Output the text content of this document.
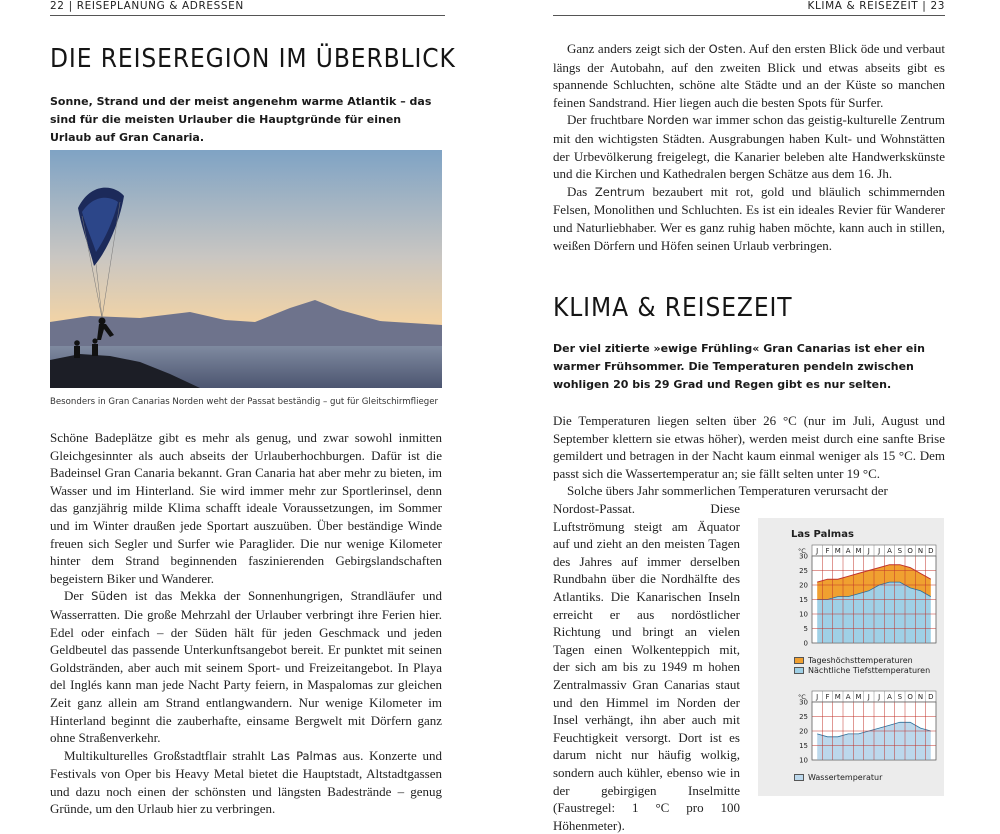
22 | REISEPLANUNG & ADRESSEN
DIE REISEREGION IM ÜBERBLICK
Sonne, Strand und der meist angenehm warme Atlantik – das sind für die meisten Urlauber die Hauptgründe für einen Urlaub auf Gran Canaria.
Besonders in Gran Canarias Norden weht der Passat beständig – gut für Gleitschirmflieger

Schöne Badeplätze gibt es mehr als genug, und zwar sowohl inmitten Gleichgesinnter als auch abseits der Urlauberhochburgen. Dafür ist die Badeinsel Gran Canaria bekannt. Gran Canaria hat aber mehr zu bieten, im Wasser und im Hinterland. Sie wird immer mehr zur Sportlerinsel, denn das ganzjährig milde Klima schafft ideale Voraussetzungen, im Sommer und im Winter draußen jede Sportart auszuüben. Über beständige Winde freuen sich Segler und Surfer wie Paraglider. Die nur wenige Kilometer hinter dem Strand beginnenden faszinierenden Gebirgslandschaften begeistern Biker und Wanderer.

Der Süden ist das Mekka der Sonnenhungrigen, Strandläufer und Wasserratten. Die große Mehrzahl der Urlauber verbringt ihre Ferien hier. Edel oder einfach – der Süden hält für jeden Geschmack und jeden Geldbeutel das passende Unterkunftsangebot bereit. Er punktet mit seinen Goldstränden, aber auch mit seinem Sport- und Freizeitangebot. In Playa del Inglés kann man jede Nacht Party feiern, in Maspalomas zur gleichen Zeit ganz allein am Strand entlangwandern. Nur wenige Kilometer im Hinterland beginnt die zauberhafte, einsame Bergwelt mit Dörfern ganz ohne Straßenverkehr.

Multikulturelles Großstadtflair strahlt Las Palmas aus. Konzerte und Festivals von Oper bis Heavy Metal bietet die Hauptstadt, Altstadtgassen und dazu noch einen der schönsten und längsten Badestrände – genug Gründe, um den Urlaub hier zu verbringen.

KLIMA & REISEZEIT | 23

Ganz anders zeigt sich der Osten. Auf den ersten Blick öde und verbaut längs der Autobahn, auf den zweiten Blick und etwas abseits gibt es spannende Schluchten, schöne alte Städte und an der Küste so manchen feinen Sandstrand. Hier liegen auch die besten Spots für Surfer.

Der fruchtbare Norden war immer schon das geistig-kulturelle Zentrum mit den wichtigsten Städten. Ausgrabungen haben Kult- und Wohnstätten der Urbevölkerung freigelegt, die Kanarier beleben alte Handwerkskünste und die Kirchen und Kathedralen bergen Schätze aus dem 16. Jh.

Das Zentrum bezaubert mit rot, gold und bläulich schimmernden Felsen, Monolithen und Schluchten. Es ist ein ideales Revier für Wanderer und Naturliebhaber. Wer es ganz ruhig haben möchte, kann auch in stillen, weißen Dörfern und Höfen seinen Urlaub verbringen.

KLIMA & REISEZEIT
Der viel zitierte »ewige Frühling« Gran Canarias ist eher ein warmer Frühsommer. Die Temperaturen pendeln zwischen wohligen 20 bis 29 Grad und Regen gibt es nur selten.

Die Temperaturen liegen selten über 26 °C (nur im Juli, August und September klettern sie etwas höher), werden meist durch eine sanfte Brise gemildert und betragen in der Nacht kaum einmal weniger als 15 °C. Dem passt sich die Wassertemperatur an; sie fällt selten unter 19 °C.

Solche übers Jahr sommerlichen Temperaturen verursacht der

Nordost-Passat. Diese Luftströmung steigt am Äquator auf und zieht an den meisten Tagen des Jahres auf immer derselben Rundbahn über die Nordhälfte des Atlantiks. Die Kanarischen Inseln erreicht er aus nordöstlicher Richtung und bringt an vielen Tagen einen Wolkenteppich mit, der sich am bis zu 1949 m hohen Zentralmassiv Gran Canarias staut und den Himmel im Norden der Insel verhängt, ihn aber auch mit Feuchtigkeit versorgt. Dort ist es darum nicht nur häufig wolkig, sondern auch kühler, ebenso wie in der gebirgigen Inselmitte (Faustregel: 1 °C pro 100 Höhenmeter).

Las Palmas
J F M A M J J A S O N D
°C
0
5
10
15
20
25
30
Tageshöchsttemperaturen
Nächtliche Tiefsttemperaturen
J F M A M J J A S O N D
°C
10
15
20
25
30
Wassertemperatur
